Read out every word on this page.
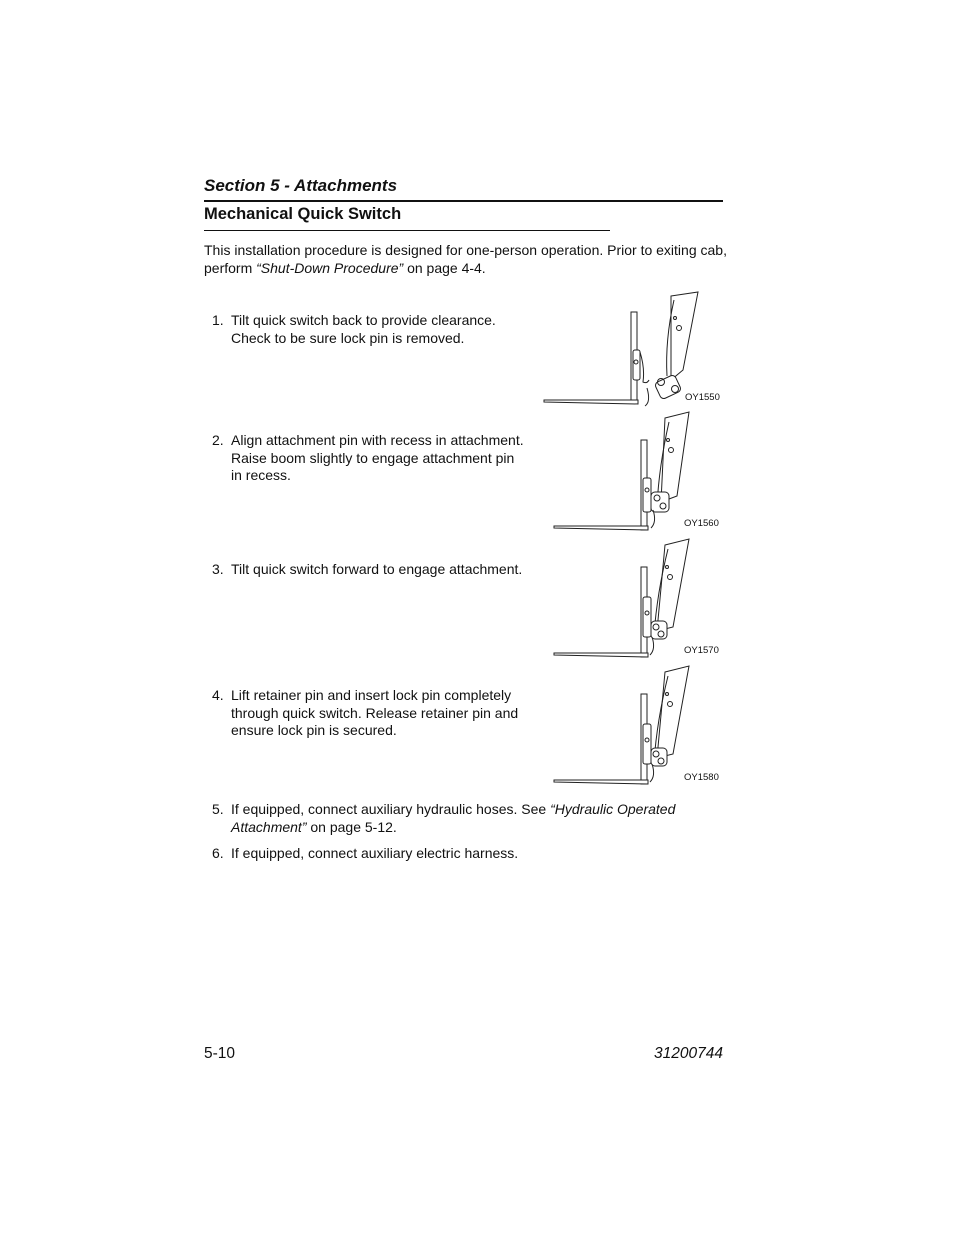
Section 5 - Attachments
Mechanical Quick Switch
This installation procedure is designed for one-person operation. Prior to exiting cab,
perform “Shut-Down Procedure” on page 4-4.
1. Tilt quick switch back to provide clearance.
Check to be sure lock pin is removed.
2. Align attachment pin with recess in attachment.
Raise boom slightly to engage attachment pin
in recess.
3. Tilt quick switch forward to engage attachment.
4. Lift retainer pin and insert lock pin completely
through quick switch. Release retainer pin and
ensure lock pin is secured.
5. If equipped, connect auxiliary hydraulic hoses. See “Hydraulic Operated
Attachment” on page 5-12.
6. If equipped, connect auxiliary electric harness.
OY1550
OY1560
OY1570
OY1580
5-10	31200744
